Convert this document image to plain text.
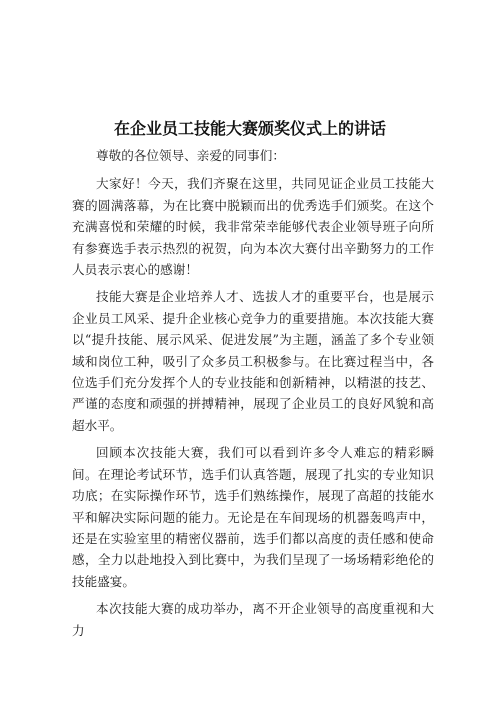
在企业员工技能大赛颁奖仪式上的讲话

尊敬的各位领导、亲爱的同事们：

大家好！今天，我们齐聚在这里，共同见证企业员工技能大赛的圆满落幕，为在比赛中脱颖而出的优秀选手们颁奖。在这个充满喜悦和荣耀的时候，我非常荣幸能够代表企业领导班子向所有参赛选手表示热烈的祝贺，向为本次大赛付出辛勤努力的工作人员表示衷心的感谢！

技能大赛是企业培养人才、选拔人才的重要平台，也是展示企业员工风采、提升企业核心竞争力的重要措施。本次技能大赛以“提升技能、展示风采、促进发展”为主题，涵盖了多个专业领域和岗位工种，吸引了众多员工积极参与。在比赛过程当中，各位选手们充分发挥个人的专业技能和创新精神，以精湛的技艺、严谨的态度和顽强的拼搏精神，展现了企业员工的良好风貌和高超水平。

回顾本次技能大赛，我们可以看到许多令人难忘的精彩瞬间。在理论考试环节，选手们认真答题，展现了扎实的专业知识功底；在实际操作环节，选手们熟练操作，展现了高超的技能水平和解决实际问题的能力。无论是在车间现场的机器轰鸣声中，还是在实验室里的精密仪器前，选手们都以高度的责任感和使命感，全力以赴地投入到比赛中，为我们呈现了一场场精彩绝伦的技能盛宴。

本次技能大赛的成功举办，离不开企业领导的高度重视和大力
